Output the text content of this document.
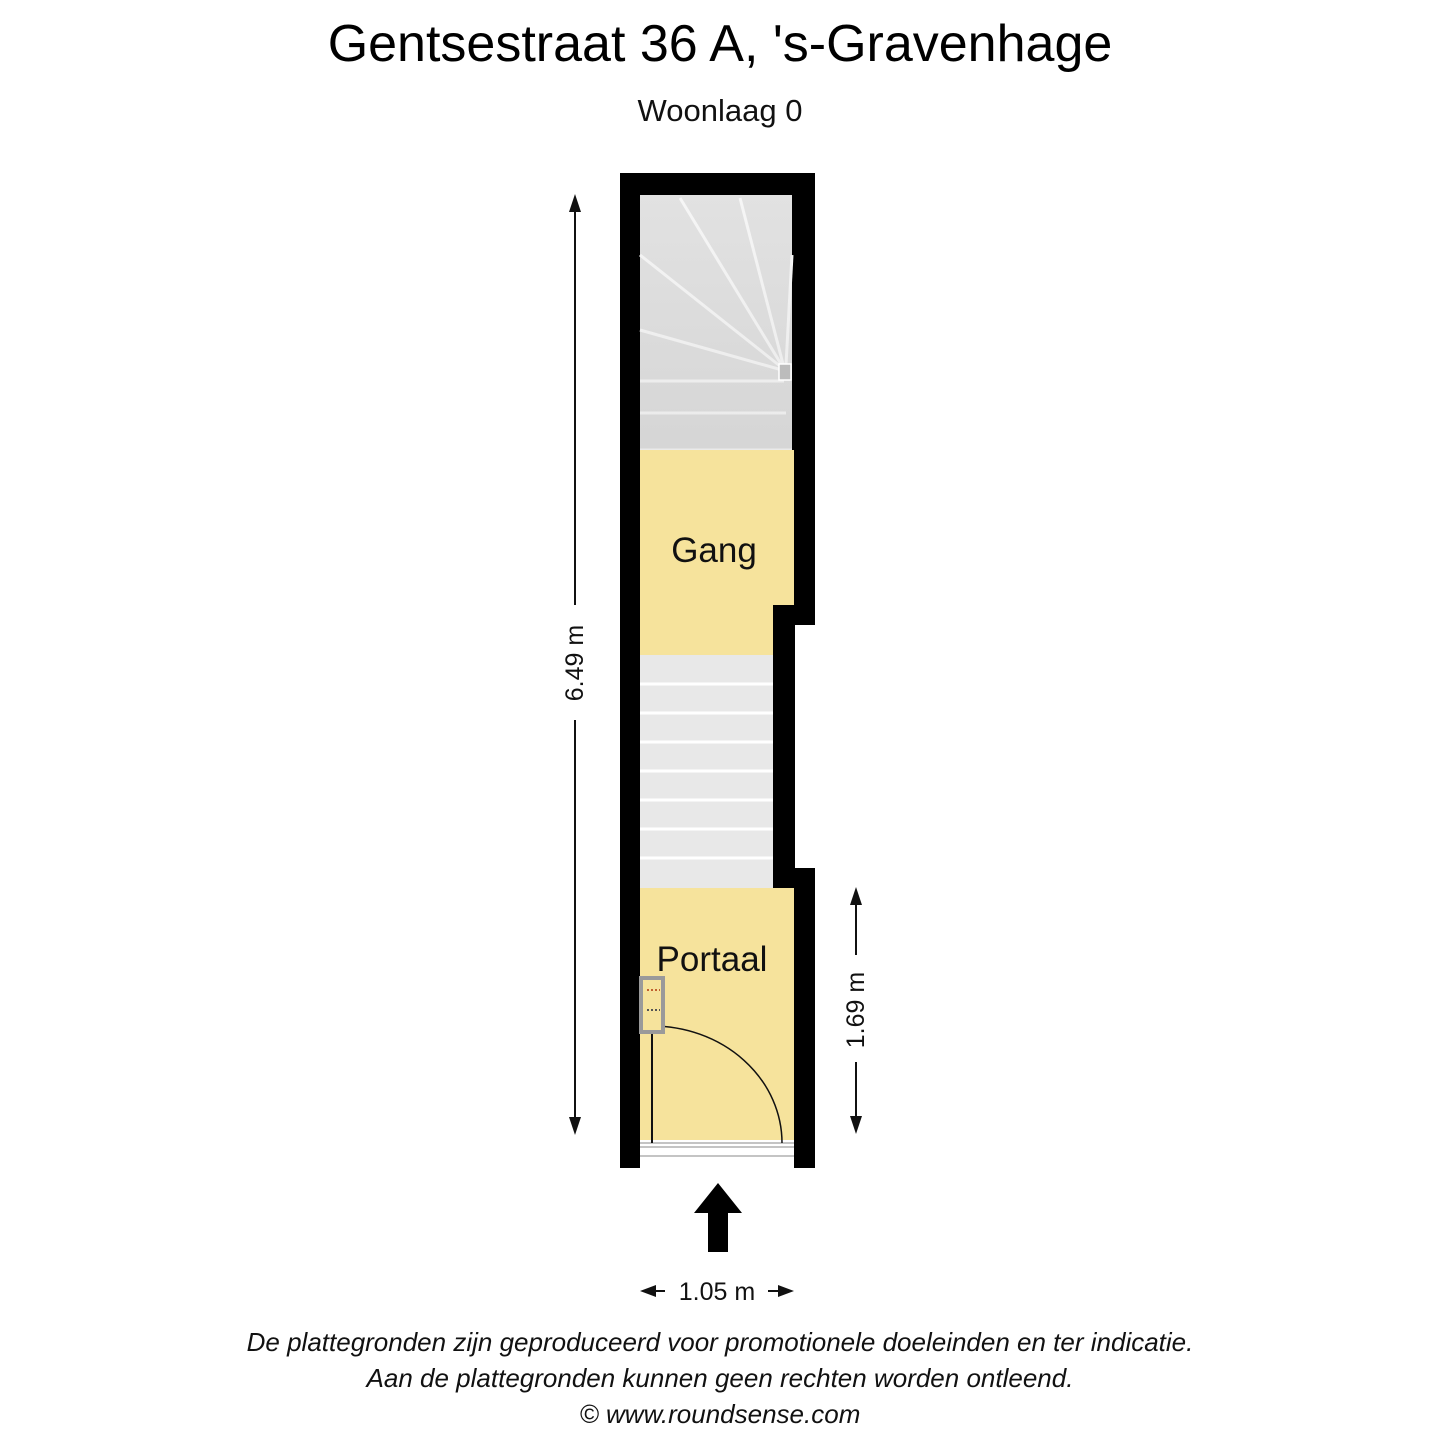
Gentsestraat 36 A, 's-Gravenhage
Woonlaag 0
Gang
Portaal
6.49 m
1.69 m
1.05 m
De plattegronden zijn geproduceerd voor promotionele doeleinden en ter indicatie.
Aan de plattegronden kunnen geen rechten worden ontleend.
© www.roundsense.com
